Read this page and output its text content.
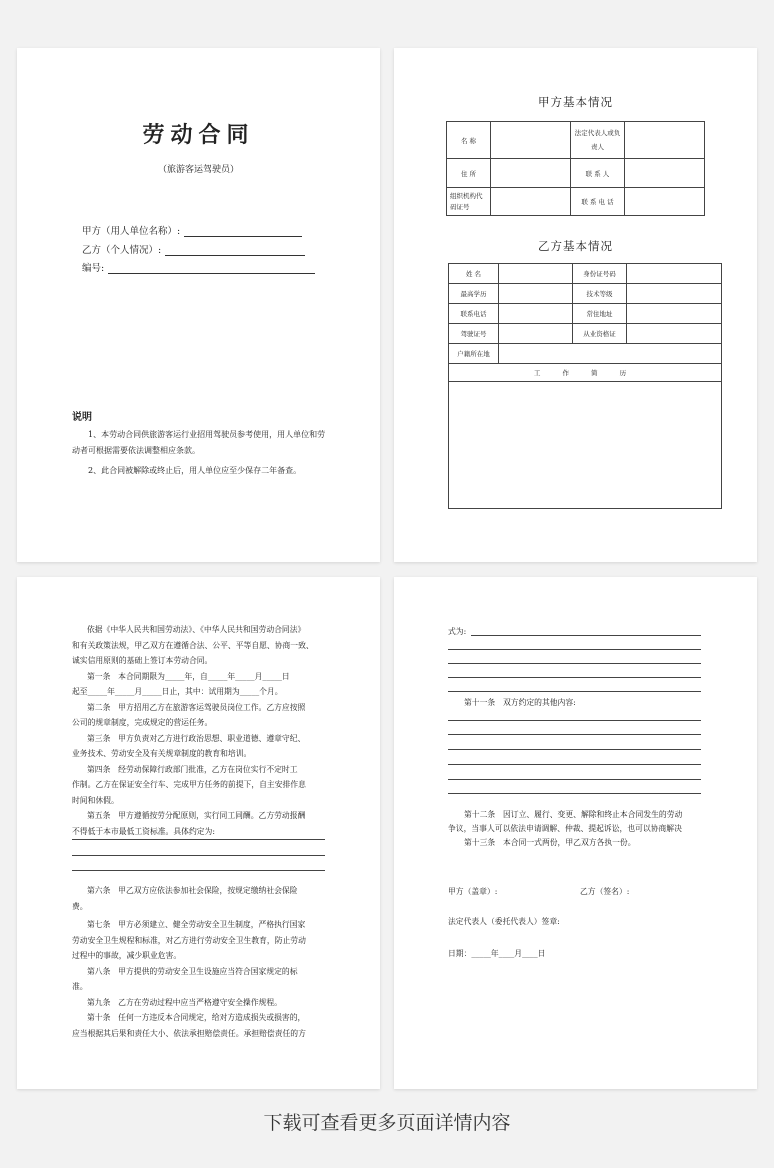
劳动合同
（旅游客运驾驶员）
甲方（用人单位名称）:
乙方（个人情况）:
编号:
说明
1、本劳动合同供旅游客运行业招用驾驶员参考使用，用人单位和劳动者可根据需要依法调整相应条款。
2、此合同被解除或终止后，用人单位应至少保存二年备查。
甲方基本情况
名 称		法定代表人或负责人	
住 所		联 系 人	
组织机构代码证号		联 系 电 话	
乙方基本情况
姓 名		身份证号码	
最高学历		技术等级	
联系电话		常住地址	
驾驶证号		从业资格证	
户籍所在地			
工 作 简 历			

依据《中华人民共和国劳动法》、《中华人民共和国劳动合同法》
和有关政策法规，甲乙双方在遵循合法、公平、平等自愿、协商一致、
诚实信用原则的基础上签订本劳动合同。
第一条　本合同期限为_____年，自_____年_____月_____日
起至_____年_____月_____日止，其中：试用期为_____个月。
第二条　甲方招用乙方在旅游客运驾驶员岗位工作。乙方应按照
公司的规章制度，完成规定的营运任务。
第三条　甲方负责对乙方进行政治思想、职业道德、遵章守纪、
业务技术、劳动安全及有关规章制度的教育和培训。
第四条　经劳动保障行政部门批准，乙方在岗位实行不定时工
作制。乙方在保证安全行车、完成甲方任务的前提下，自主安排作息
时间和休假。
第五条　甲方遵循按劳分配原则，实行同工同酬。乙方劳动报酬
不得低于本市最低工资标准。具体约定为:
第六条　甲乙双方应依法参加社会保险，按规定缴纳社会保险
费。
第七条　甲方必须建立、健全劳动安全卫生制度，严格执行国家
劳动安全卫生规程和标准，对乙方进行劳动安全卫生教育，防止劳动
过程中的事故，减少职业危害。
第八条　甲方提供的劳动安全卫生设施应当符合国家规定的标
准。
第九条　乙方在劳动过程中应当严格遵守安全操作规程。
第十条　任何一方违反本合同规定，给对方造成损失或损害的，
应当根据其后果和责任大小、依法承担赔偿责任。承担赔偿责任的方
式为:
第十一条　双方约定的其他内容:
第十二条　因订立、履行、变更、解除和终止本合同发生的劳动
争议，当事人可以依法申请调解、仲裁、提起诉讼，也可以协商解决
第十三条　本合同一式两份，甲乙双方各执一份。
甲方（盖章）:	乙方（签名）:
法定代表人（委托代表人）签章:
日期：_____年____月____日
下载可查看更多页面详情内容
